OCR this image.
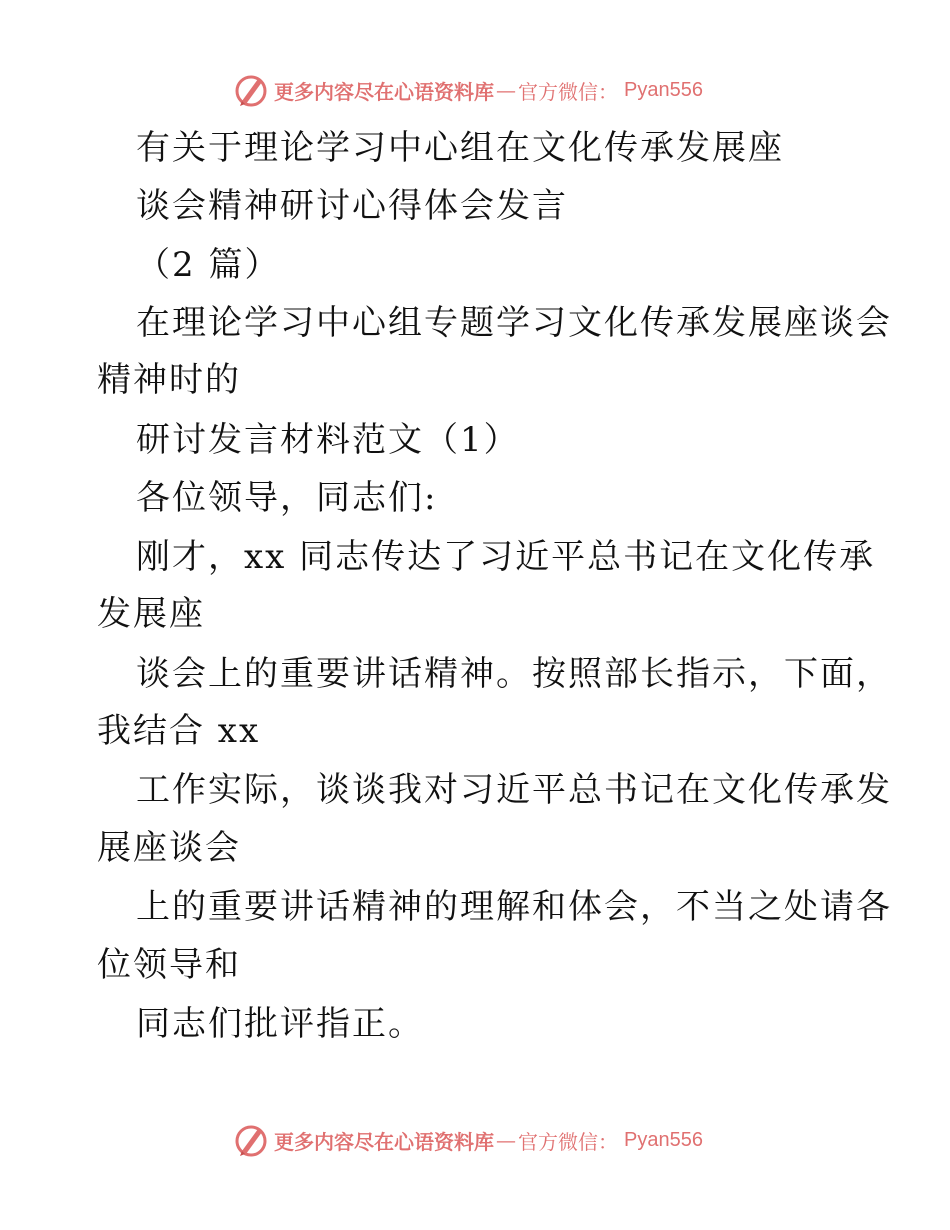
更多内容尽在心语资料库 — 官方微信： Pyan556
有关于理论学习中心组在文化传承发展座
谈会精神研讨心得体会发言
（2 篇）
在理论学习中心组专题学习文化传承发展座谈会
精神时的
研讨发言材料范文（1）
各位领导，同志们:
刚才，xx 同志传达了习近平总书记在文化传承
发展座
谈会上的重要讲话精神。按照部长指示，下面，
我结合 xx
工作实际，谈谈我对习近平总书记在文化传承发
展座谈会
上的重要讲话精神的理解和体会，不当之处请各
位领导和
同志们批评指正。
更多内容尽在心语资料库 — 官方微信： Pyan556
